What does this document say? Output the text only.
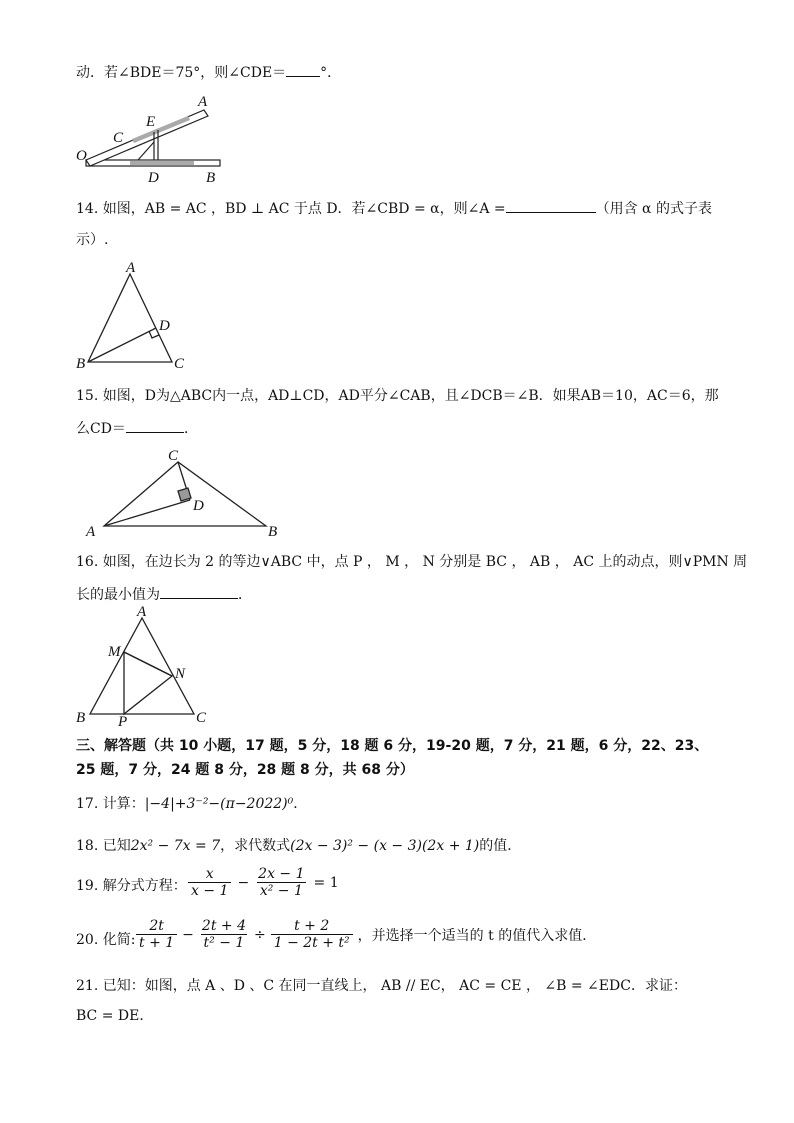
动．若∠BDE＝75°，则∠CDE＝ °．
A
E
C
O
D	B
14. 如图，AB = AC ，BD ⊥ AC 于点 D．若∠CBD = α，则∠A =	（用含 α 的式子表
示）.
A
B	C
D
15. 如图，D为△ABC内一点，AD⊥CD，AD平分∠CAB，且∠DCB＝∠B．如果AB＝10，AC＝6，那
么CD＝	．
C
A	B
D
16. 如图，在边长为 2 的等边∨ABC 中，点 P ， M ， N 分别是 BC ， AB ， AC 上的动点，则∨PMN 周
长的最小值为	．
A
M
N
B P	C
三、解答题（共 10 小题，17 题，5 分，18 题 6 分，19-20 题，7 分，21 题，6 分，22、23、
25 题，7 分，24 题 8 分，28 题 8 分，共 68 分）
17. 计算：|−4|+3⁻²−(π−2022)⁰．
18. 已知2x² − 7x = 7，求代数式(2x − 3)² − (x − 3)(2x + 1)的值．
19. 解分式方程：
x
x − 1
− $\frac{2x - 1}{\text{x² − 1}} = 1$
20. 化简:
2t
t + 1
− $\frac{2t + 4}{\text{t² − 1}} \div \frac{t + 2}{\text{1 − 2t + t²}}$ ，并选择一个适当的 t 的值代入求值．
21. 已知：如图，点 A 、D 、C 在同一直线上， AB // EC， AC = CE ， ∠B = ∠EDC．求证：
BC = DE．
